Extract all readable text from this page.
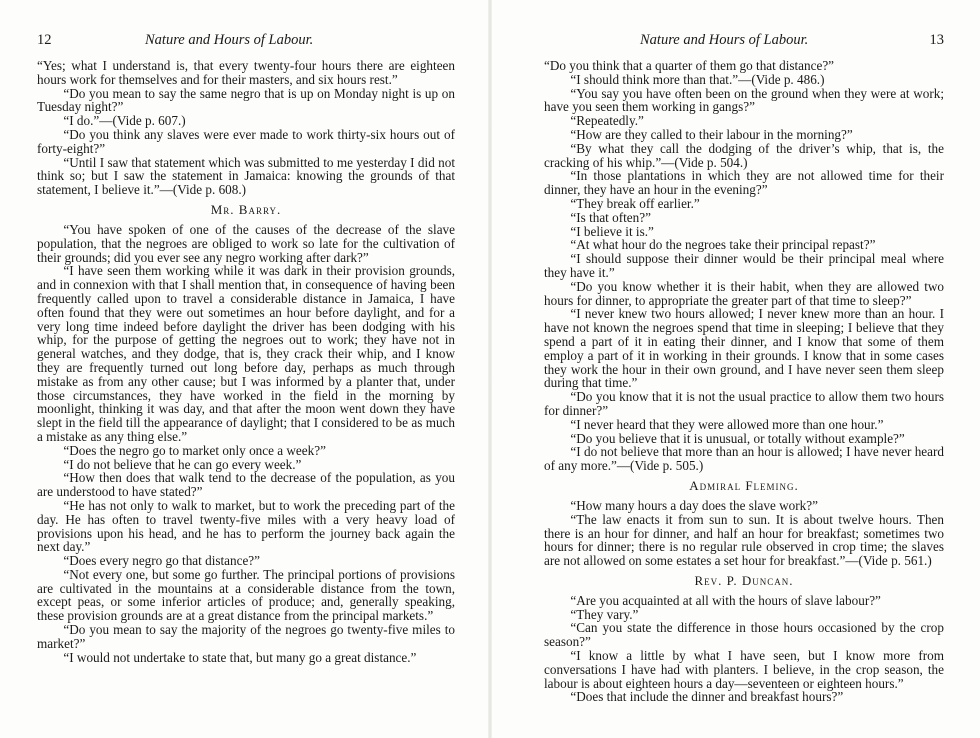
12	Nature and Hours of Labour.

“Yes; what I understand is, that every twenty-four hours there are eighteen hours work for themselves and for their masters, and six hours rest.”

“Do you mean to say the same negro that is up on Monday night is up on Tuesday night?”

“I do.”—(Vide p. 607.)

“Do you think any slaves were ever made to work thirty-six hours out of forty-eight?”

“Until I saw that statement which was submitted to me yesterday I did not think so; but I saw the statement in Jamaica: knowing the grounds of that statement, I believe it.”—(Vide p. 608.)

Mr. Barry.

“You have spoken of one of the causes of the decrease of the slave population, that the negroes are obliged to work so late for the cultivation of their grounds; did you ever see any negro working after dark?”

“I have seen them working while it was dark in their provision grounds, and in connexion with that I shall mention that, in consequence of having been frequently called upon to travel a considerable distance in Jamaica, I have often found that they were out sometimes an hour before daylight, and for a very long time indeed before daylight the driver has been dodging with his whip, for the purpose of getting the negroes out to work; they have not in general watches, and they dodge, that is, they crack their whip, and I know they are frequently turned out long before day, perhaps as much through mistake as from any other cause; but I was informed by a planter that, under those circumstances, they have worked in the field in the morning by moonlight, thinking it was day, and that after the moon went down they have slept in the field till the appearance of daylight; that I considered to be as much a mistake as any thing else.”

“Does the negro go to market only once a week?”

“I do not believe that he can go every week.”

“How then does that walk tend to the decrease of the population, as you are understood to have stated?”

“He has not only to walk to market, but to work the preceding part of the day. He has often to travel twenty-five miles with a very heavy load of provisions upon his head, and he has to perform the journey back again the next day.”

“Does every negro go that distance?”

“Not every one, but some go further. The principal portions of provisions are cultivated in the mountains at a considerable distance from the town, except peas, or some inferior articles of produce; and, generally speaking, these provision grounds are at a great distance from the principal markets.”

“Do you mean to say the majority of the negroes go twenty-five miles to market?”

“I would not undertake to state that, but many go a great distance.”

Nature and Hours of Labour.	13

“Do you think that a quarter of them go that distance?”

“I should think more than that.”—(Vide p. 486.)

“You say you have often been on the ground when they were at work; have you seen them working in gangs?”

“Repeatedly.”

“How are they called to their labour in the morning?”

“By what they call the dodging of the driver’s whip, that is, the cracking of his whip.”—(Vide p. 504.)

“In those plantations in which they are not allowed time for their dinner, they have an hour in the evening?”

“They break off earlier.”

“Is that often?”

“I believe it is.”

“At what hour do the negroes take their principal repast?”

“I should suppose their dinner would be their principal meal where they have it.”

“Do you know whether it is their habit, when they are allowed two hours for dinner, to appropriate the greater part of that time to sleep?”

“I never knew two hours allowed; I never knew more than an hour. I have not known the negroes spend that time in sleeping; I believe that they spend a part of it in eating their dinner, and I know that some of them employ a part of it in working in their grounds. I know that in some cases they work the hour in their own ground, and I have never seen them sleep during that time.”

“Do you know that it is not the usual practice to allow them two hours for dinner?”

“I never heard that they were allowed more than one hour.”

“Do you believe that it is unusual, or totally without example?”

“I do not believe that more than an hour is allowed; I have never heard of any more.”—(Vide p. 505.)

Admiral Fleming.

“How many hours a day does the slave work?”

“The law enacts it from sun to sun. It is about twelve hours. Then there is an hour for dinner, and half an hour for breakfast; sometimes two hours for dinner; there is no regular rule observed in crop time; the slaves are not allowed on some estates a set hour for breakfast.”—(Vide p. 561.)

Rev. P. Duncan.

“Are you acquainted at all with the hours of slave labour?”

“They vary.”

“Can you state the difference in those hours occasioned by the crop season?”

“I know a little by what I have seen, but I know more from conversations I have had with planters. I believe, in the crop season, the labour is about eighteen hours a day—seventeen or eighteen hours.”

“Does that include the dinner and breakfast hours?”
